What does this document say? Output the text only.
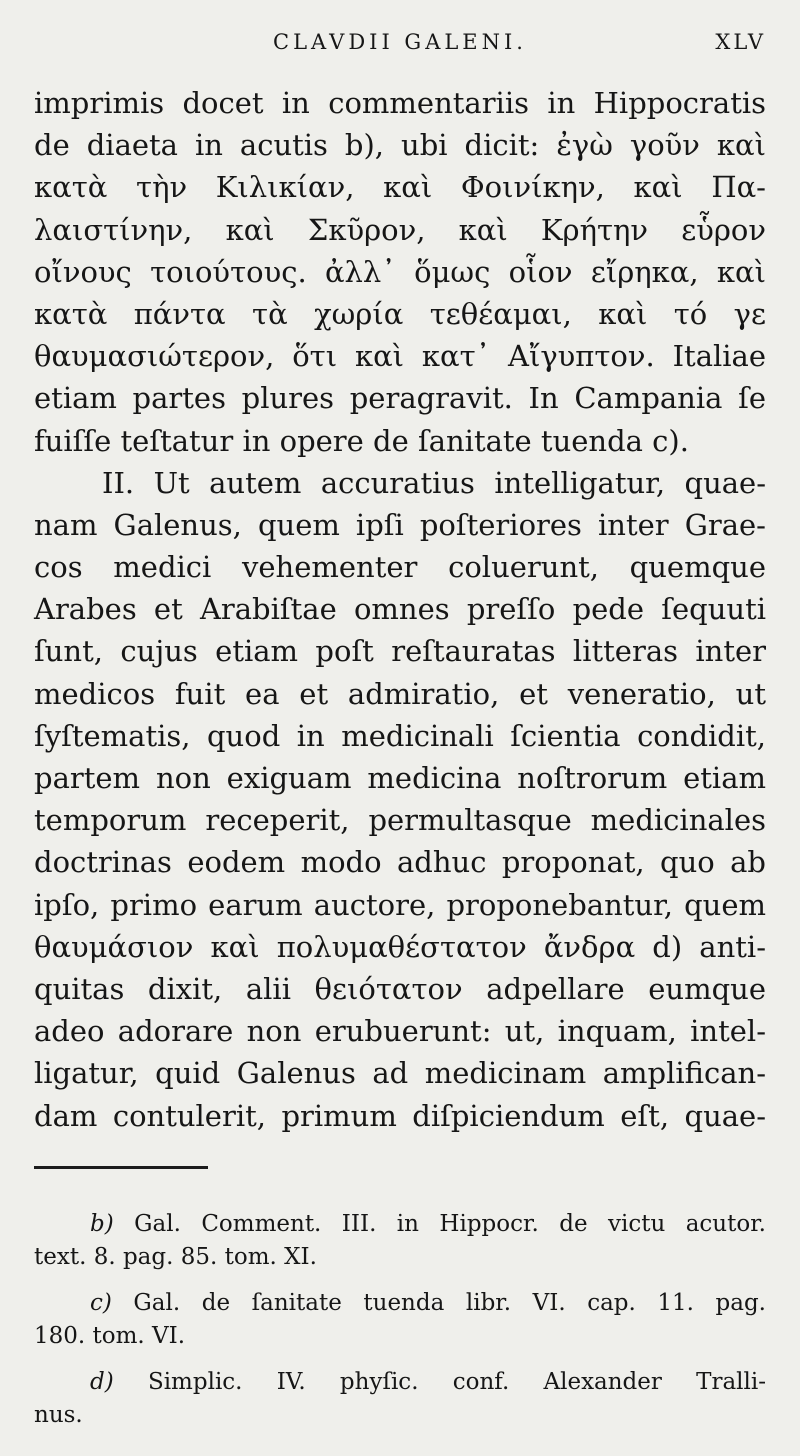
CLAVDII GALENI.	XLV
imprimis docet in commentariis in Hippocratis
de diaeta in acutis b), ubi dicit: ἐγὼ γοῦν καὶ
κατὰ τὴν Κιλικίαν, καὶ Φοινίκην, καὶ Πα-
λαιστίνην, καὶ Σκῦρον, καὶ Κρήτην εὗρον
οἴνους τοιούτους. ἀλλ᾽ ὅμως οἷον εἴρηκα, καὶ
κατὰ πάντα τὰ χωρία τεθέαμαι, καὶ τό γε
θαυμασιώτερον, ὅτι καὶ κατ᾽ Αἴγυπτον. Italiae
etiam partes plures peragravit. In Campania ſe
fuiſſe teſtatur in opere de ſanitate tuenda c).
II. Ut autem accuratius intelligatur, quae-
nam Galenus, quem ipſi poſteriores inter Grae-
cos medici vehementer coluerunt, quemque
Arabes et Arabiſtae omnes preſſo pede ſequuti
ſunt, cujus etiam poſt reſtauratas litteras inter
medicos fuit ea et admiratio, et veneratio, ut
ſyſtematis, quod in medicinali ſcientia condidit,
partem non exiguam medicina noſtrorum etiam
temporum receperit, permultasque medicinales
doctrinas eodem modo adhuc proponat, quo ab
ipſo, primo earum auctore, proponebantur, quem
θαυμάσιον καὶ πολυμαθέστατον ἄνδρα d) anti-
quitas dixit, alii θειότατον adpellare eumque
adeo adorare non erubuerunt: ut, inquam, intel-
ligatur, quid Galenus ad medicinam amplifican-
dam contulerit, primum diſpiciendum eſt, quae-
b) Gal. Comment. III. in Hippocr. de victu acutor.
text. 8. pag. 85. tom. XI.
c) Gal. de ſanitate tuenda libr. VI. cap. 11. pag.
180. tom. VI.
d) Simplic. IV. phyſic. conf. Alexander Tralli-
nus.
